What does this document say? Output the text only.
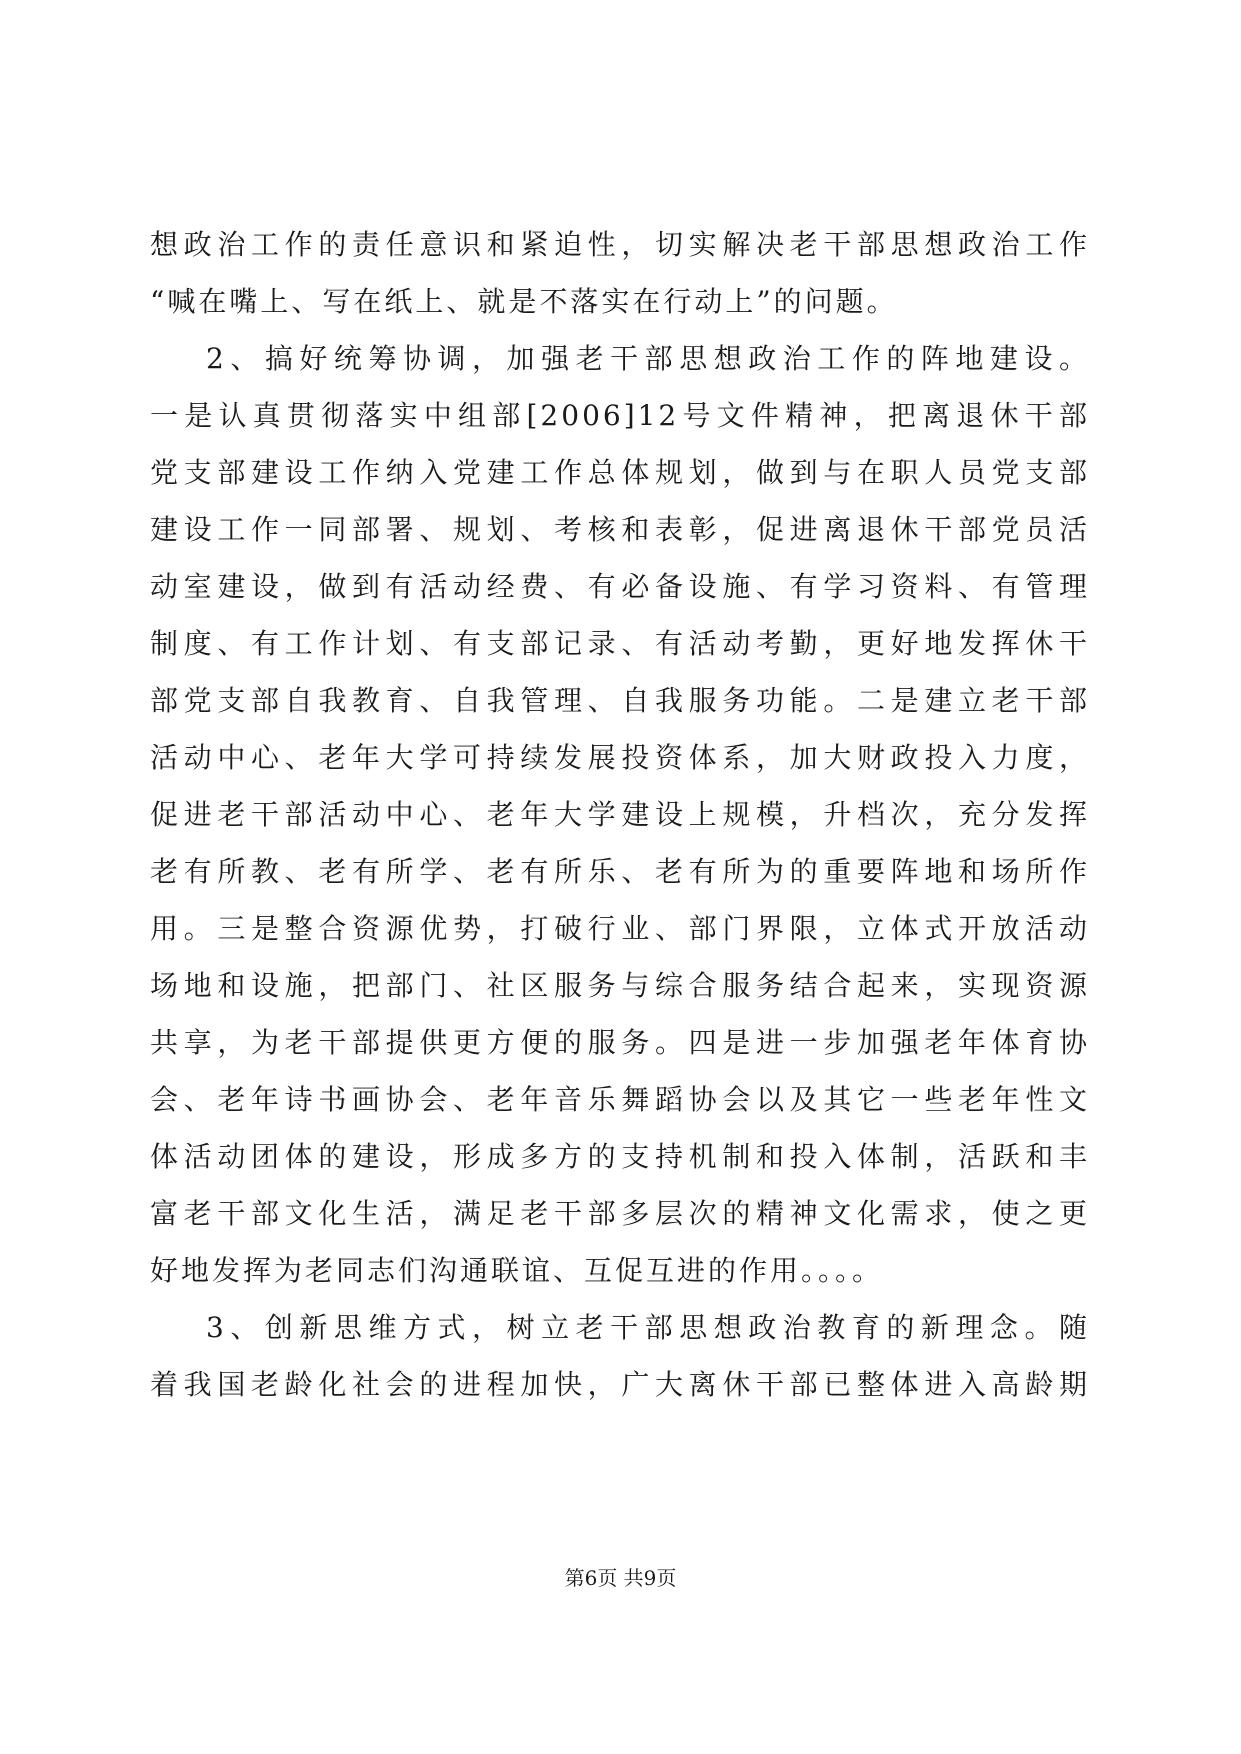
想政治工作的责任意识和紧迫性，切实解决老干部思想政治工作
“喊在嘴上、写在纸上、就是不落实在行动上”的问题。
2、搞好统筹协调，加强老干部思想政治工作的阵地建设。
一是认真贯彻落实中组部[2006]12号文件精神，把离退休干部
党支部建设工作纳入党建工作总体规划，做到与在职人员党支部
建设工作一同部署、规划、考核和表彰，促进离退休干部党员活
动室建设，做到有活动经费、有必备设施、有学习资料、有管理
制度、有工作计划、有支部记录、有活动考勤，更好地发挥休干
部党支部自我教育、自我管理、自我服务功能。二是建立老干部
活动中心、老年大学可持续发展投资体系，加大财政投入力度，
促进老干部活动中心、老年大学建设上规模，升档次，充分发挥
老有所教、老有所学、老有所乐、老有所为的重要阵地和场所作
用。三是整合资源优势，打破行业、部门界限，立体式开放活动
场地和设施，把部门、社区服务与综合服务结合起来，实现资源
共享，为老干部提供更方便的服务。四是进一步加强老年体育协
会、老年诗书画协会、老年音乐舞蹈协会以及其它一些老年性文
体活动团体的建设，形成多方的支持机制和投入体制，活跃和丰
富老干部文化生活，满足老干部多层次的精神文化需求，使之更
好地发挥为老同志们沟通联谊、互促互进的作用。。。。
3、创新思维方式，树立老干部思想政治教育的新理念。随
着我国老龄化社会的进程加快，广大离休干部已整体进入高龄期
第6页 共9页
